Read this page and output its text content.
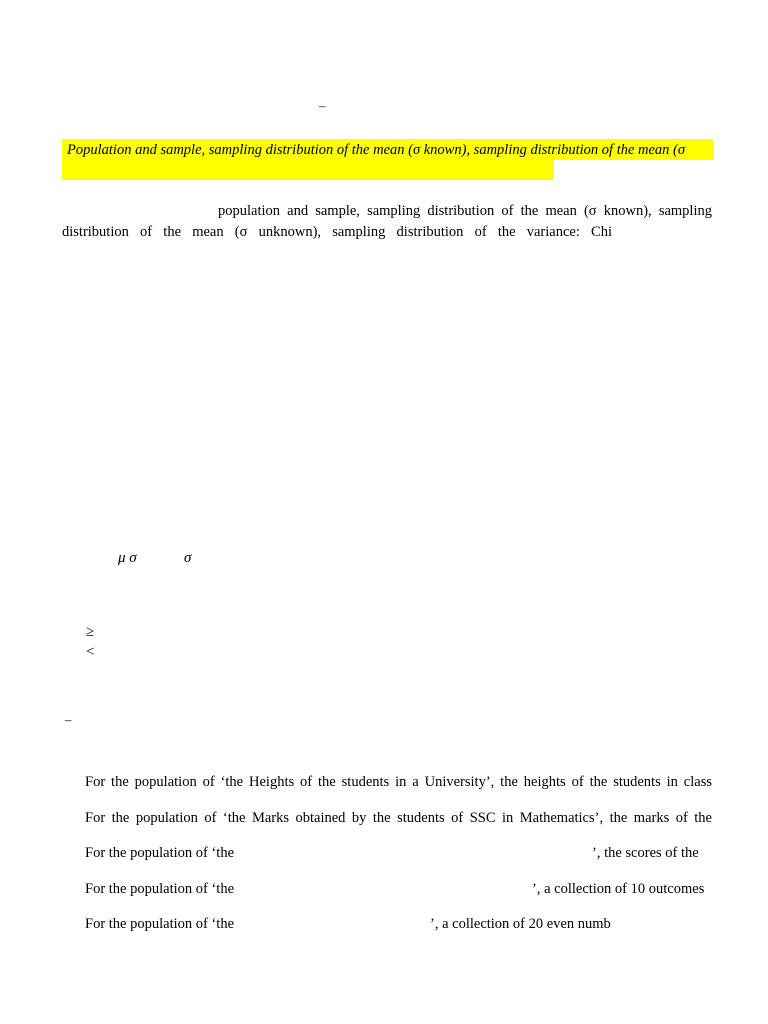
–
Population and sample, sampling distribution of the mean (σ known), sampling distribution of the mean (σ
population and sample, sampling distribution of the mean (σ known), sampling
distribution of the mean (σ unknown), sampling distribution of the variance: Chi
μ σ	σ
≥
<
–
For the population of ‘the Heights of the students in a University’, the heights of the students in class
For the population of ‘the Marks obtained by the students of SSC in Mathematics’, the marks of the
For the population of ‘the	’, the scores of the
For the population of ‘the	’, a collection of 10 outcomes
For the population of ‘the	’, a collection of 20 even numb
